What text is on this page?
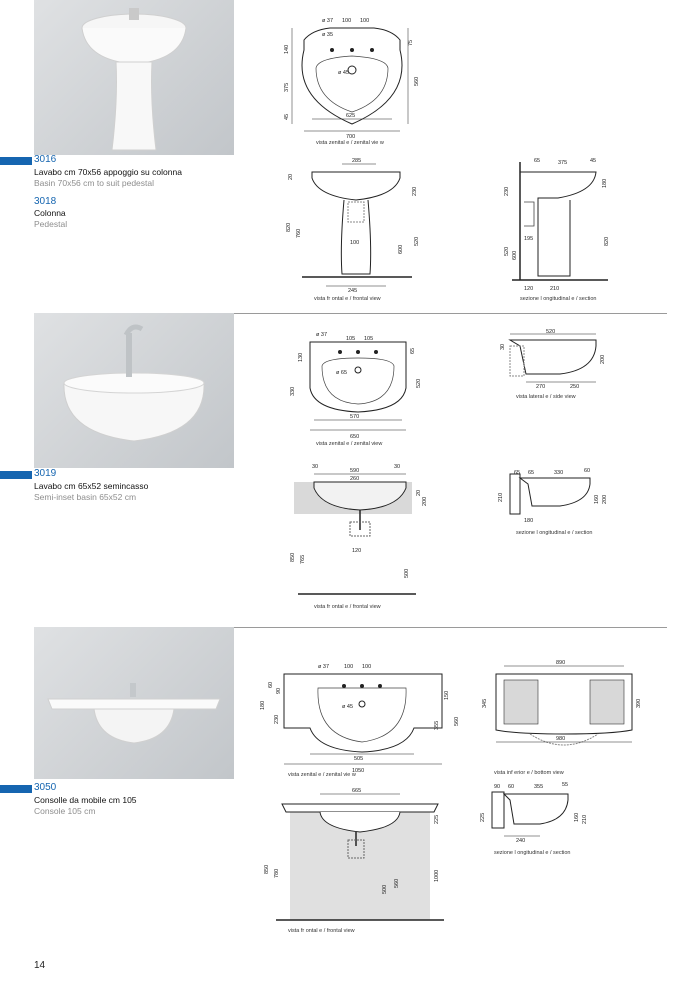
3016
Lavabo cm 70x56 appoggio su colonna
Basin 70x56 cm to suit pedestal
3018
Colonna
Pedestal
ø 37
ø 35
100 100
140
375
45
ø 45
625
700
560
75
vista zenital e / zenital vie w
285
820
760
600
520
100
245
230
20
vista fr ontal e / frontal view
65	375	45
180
230
195
520 600
820
120	210
sezione l ongitudinal e / section
3019
Lavabo cm 65x52 semincasso
Semi-inset basin 65x52 cm
ø 37
105 105
130
330
ø 65
570
650
520
65
vista zenital e / zenital view
520
30
200
270	250
vista lateral e / side view
30
590
260
30
20
200
850 765
500
120
vista fr ontal e / frontal view
65 65	330	60
210	160 200
180
sezione l ongitudinal e / section
3050
Consolle da mobile cm 105
Console 105 cm
ø 37	100 100
60
90
180
230
ø 45
150
355
505
560
1050
vista zenital e / zenital vie w
890
345	390
980
vista inf erior e / bottom view
665
225
850 780
500
560
1000
vista fr ontal e / frontal view
90 60	355	55
225	160 210
240
sezione l ongitudinal e / section
14
